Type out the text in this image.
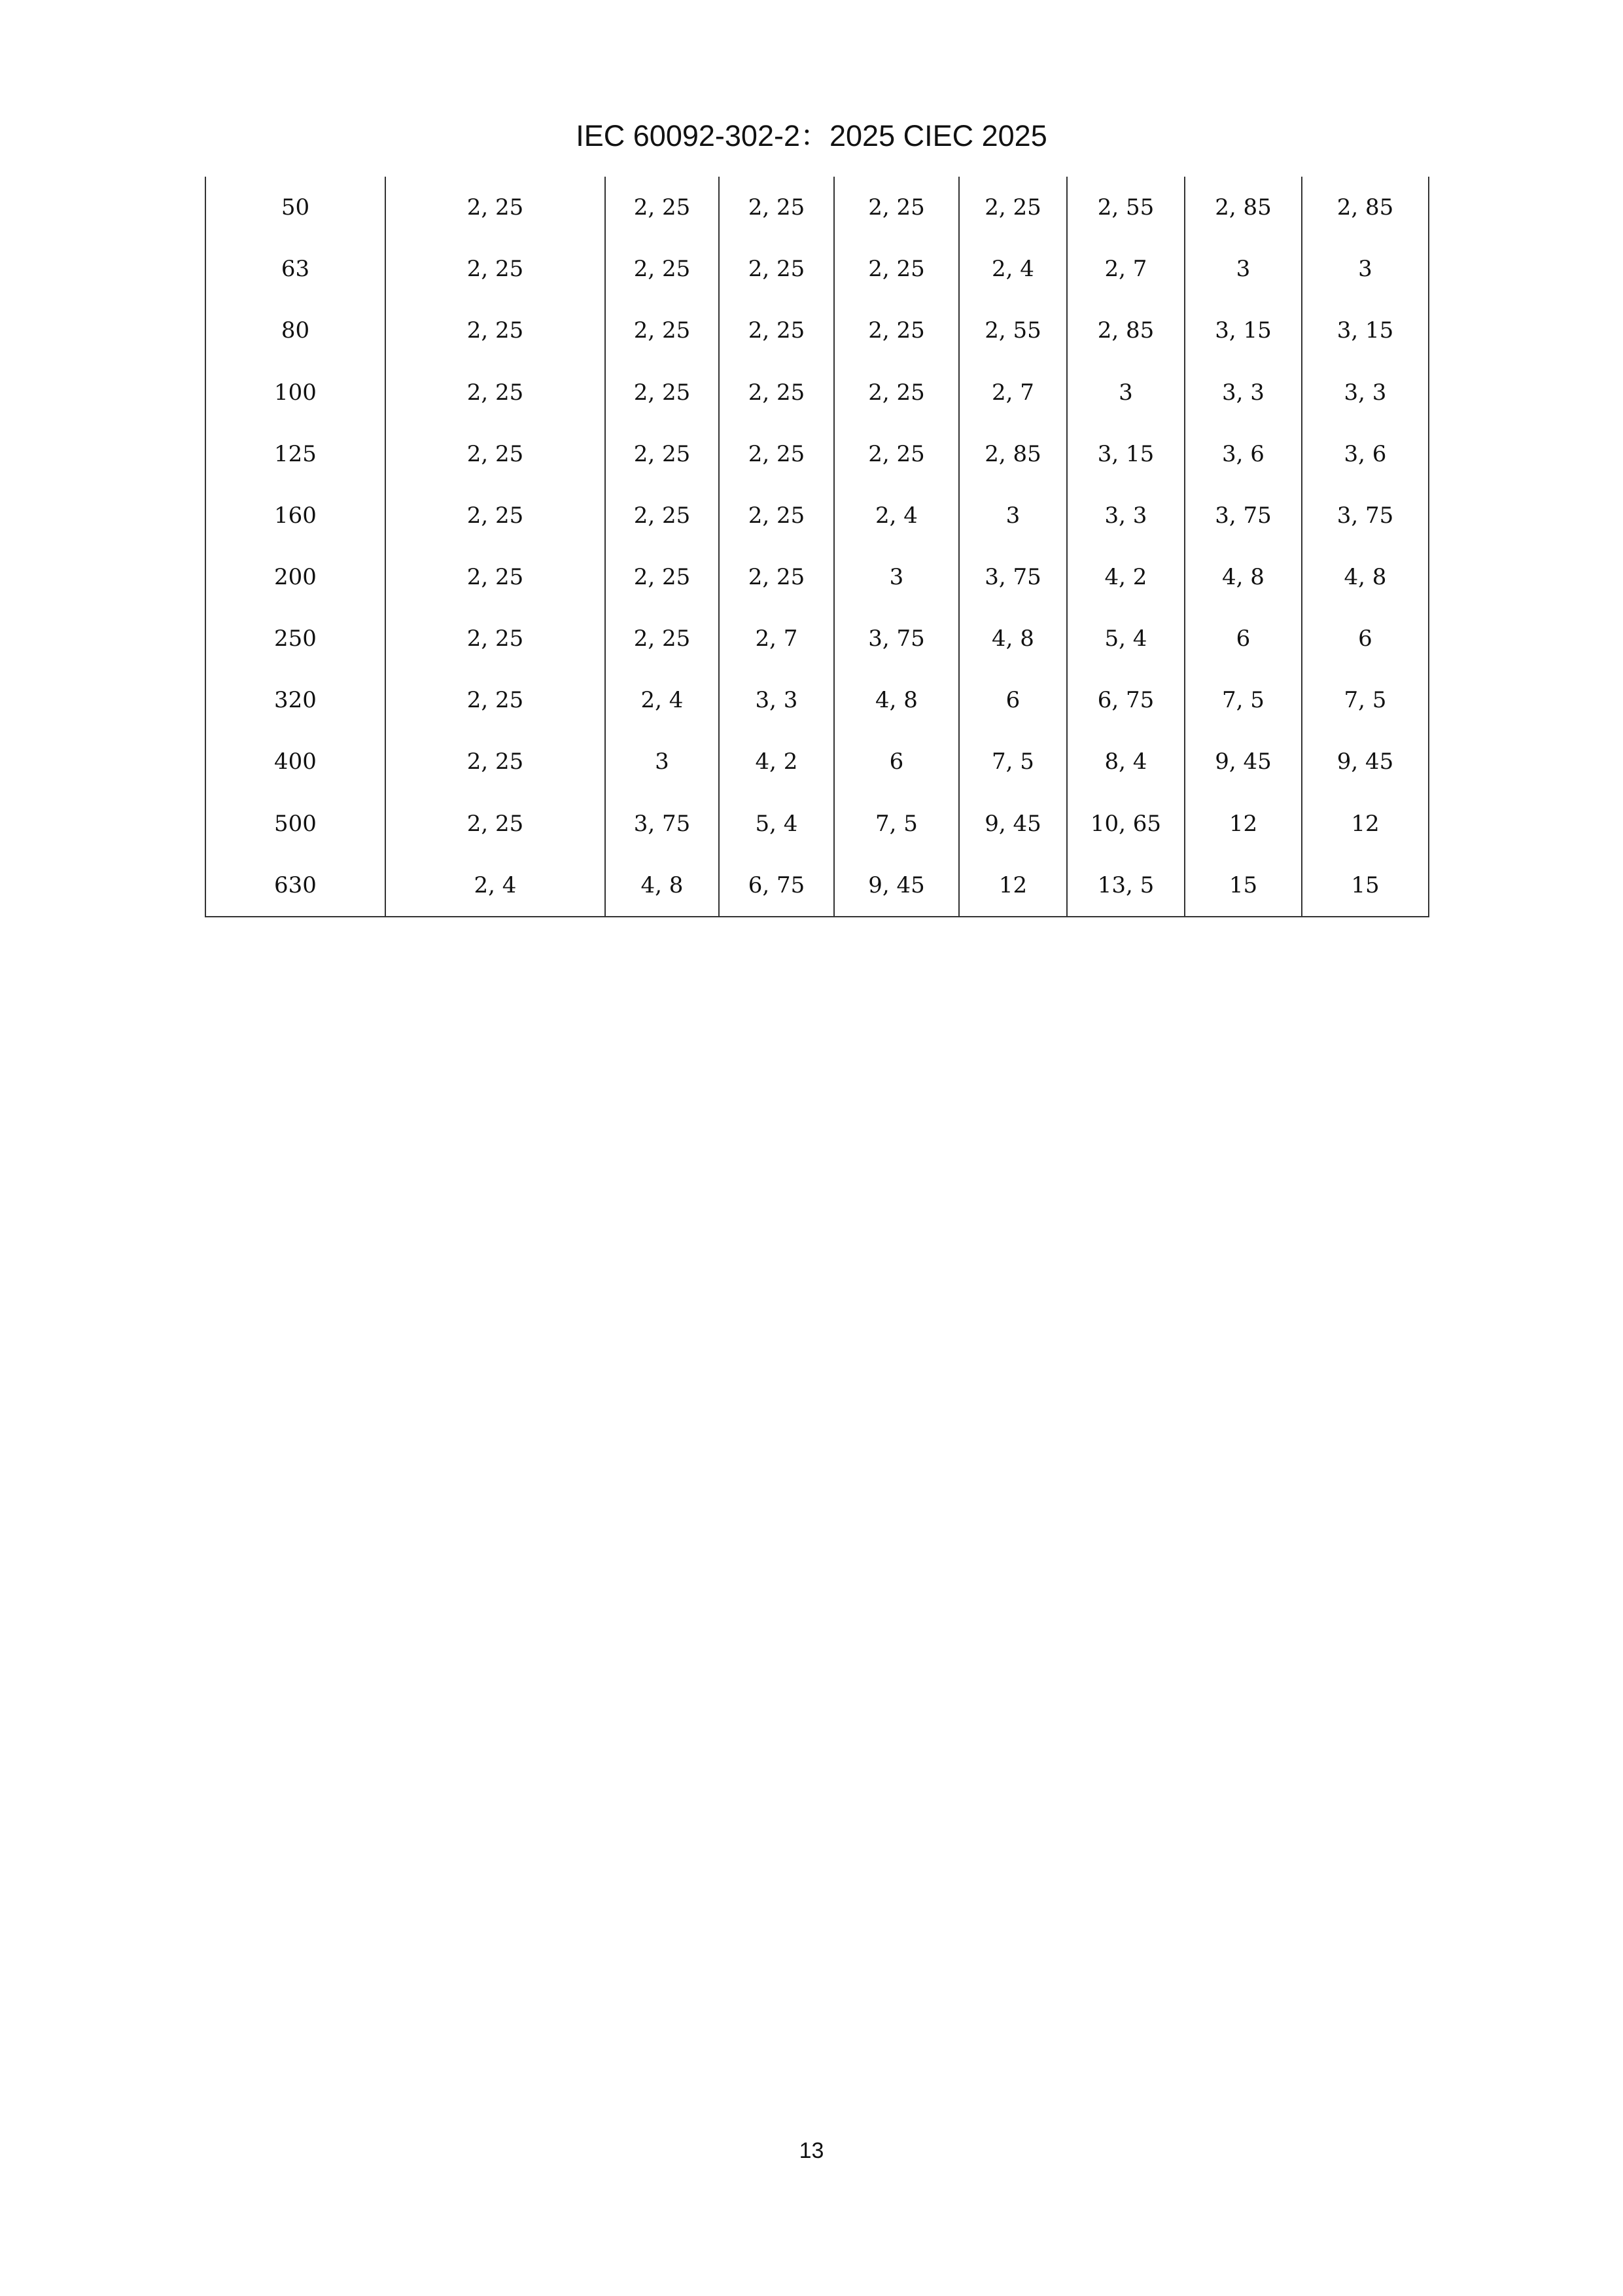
IEC 60092-302-2：2025 CIEC 2025
50	2, 25	2, 25	2, 25	2, 25	2, 25	2, 55	2, 85	2, 85
63	2, 25	2, 25	2, 25	2, 25	2, 4	2, 7	3	3
80	2, 25	2, 25	2, 25	2, 25	2, 55	2, 85	3, 15	3, 15
100	2, 25	2, 25	2, 25	2, 25	2, 7	3	3, 3	3, 3
125	2, 25	2, 25	2, 25	2, 25	2, 85	3, 15	3, 6	3, 6
160	2, 25	2, 25	2, 25	2, 4	3	3, 3	3, 75	3, 75
200	2, 25	2, 25	2, 25	3	3, 75	4, 2	4, 8	4, 8
250	2, 25	2, 25	2, 7	3, 75	4, 8	5, 4	6	6
320	2, 25	2, 4	3, 3	4, 8	6	6, 75	7, 5	7, 5
400	2, 25	3	4, 2	6	7, 5	8, 4	9, 45	9, 45
500	2, 25	3, 75	5, 4	7, 5	9, 45	10, 65	12	12
630	2, 4	4, 8	6, 75	9, 45	12	13, 5	15	15
13
